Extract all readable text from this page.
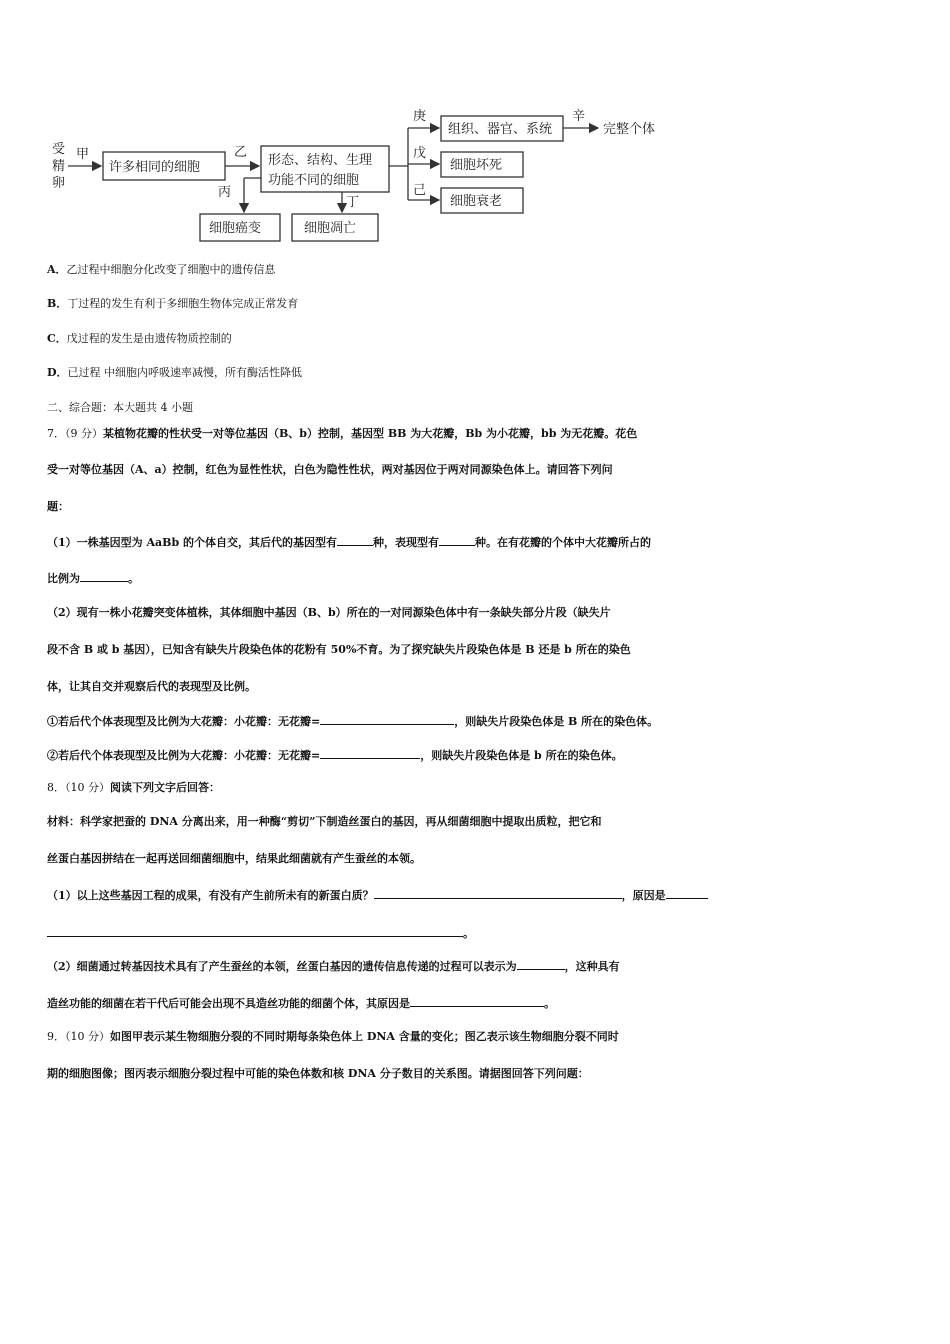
受
精
卵
甲
许多相同的细胞
乙
形态、结构、生理
功能不同的细胞
丙
细胞癌变
丁
细胞凋亡
庚
戊
己
组织、器官、系统
细胞坏死
细胞衰老
辛
完整个体
A．乙过程中细胞分化改变了细胞中的遗传信息
B．丁过程的发生有利于多细胞生物体完成正常发育
C．戊过程的发生是由遗传物质控制的
D．已过程 中细胞内呼吸速率减慢，所有酶活性降低
二、综合题：本大题共 4 小题
7．（9 分）某植物花瓣的性状受一对等位基因（B、b）控制，基因型 BB 为大花瓣，Bb 为小花瓣，bb 为无花瓣。花色
受一对等位基因（A、a）控制，红色为显性性状，白色为隐性性状，两对基因位于两对同源染色体上。请回答下列问
题：
（1）一株基因型为 AaBb 的个体自交，其后代的基因型有	种，表现型有	种。在有花瓣的个体中大花瓣所占的
比例为	。
（2）现有一株小花瓣突变体植株，其体细胞中基因（B、b）所在的一对同源染色体中有一条缺失部分片段（缺失片
段不含 B 或 b 基因），已知含有缺失片段染色体的花粉有 50%不育。为了探究缺失片段染色体是 B 还是 b 所在的染色
体，让其自交并观察后代的表现型及比例。
①若后代个体表现型及比例为大花瓣：小花瓣：无花瓣=	，则缺失片段染色体是 B 所在的染色体。
②若后代个体表现型及比例为大花瓣：小花瓣：无花瓣=	，则缺失片段染色体是 b 所在的染色体。
8．（10 分）阅读下列文字后回答：
材料：科学家把蚕的 DNA 分离出来，用一种酶“剪切”下制造丝蛋白的基因，再从细菌细胞中提取出质粒，把它和
丝蛋白基因拼结在一起再送回细菌细胞中，结果此细菌就有产生蚕丝的本领。
（1）以上这些基因工程的成果，有没有产生前所未有的新蛋白质？	，原因是
。
（2）细菌通过转基因技术具有了产生蚕丝的本领，丝蛋白基因的遗传信息传递的过程可以表示为	，这种具有
造丝功能的细菌在若干代后可能会出现不具造丝功能的细菌个体，其原因是	。
9．（10 分）如图甲表示某生物细胞分裂的不同时期每条染色体上 DNA 含量的变化；图乙表示该生物细胞分裂不同时
期的细胞图像；图丙表示细胞分裂过程中可能的染色体数和核 DNA 分子数目的关系图。请据图回答下列问题：
